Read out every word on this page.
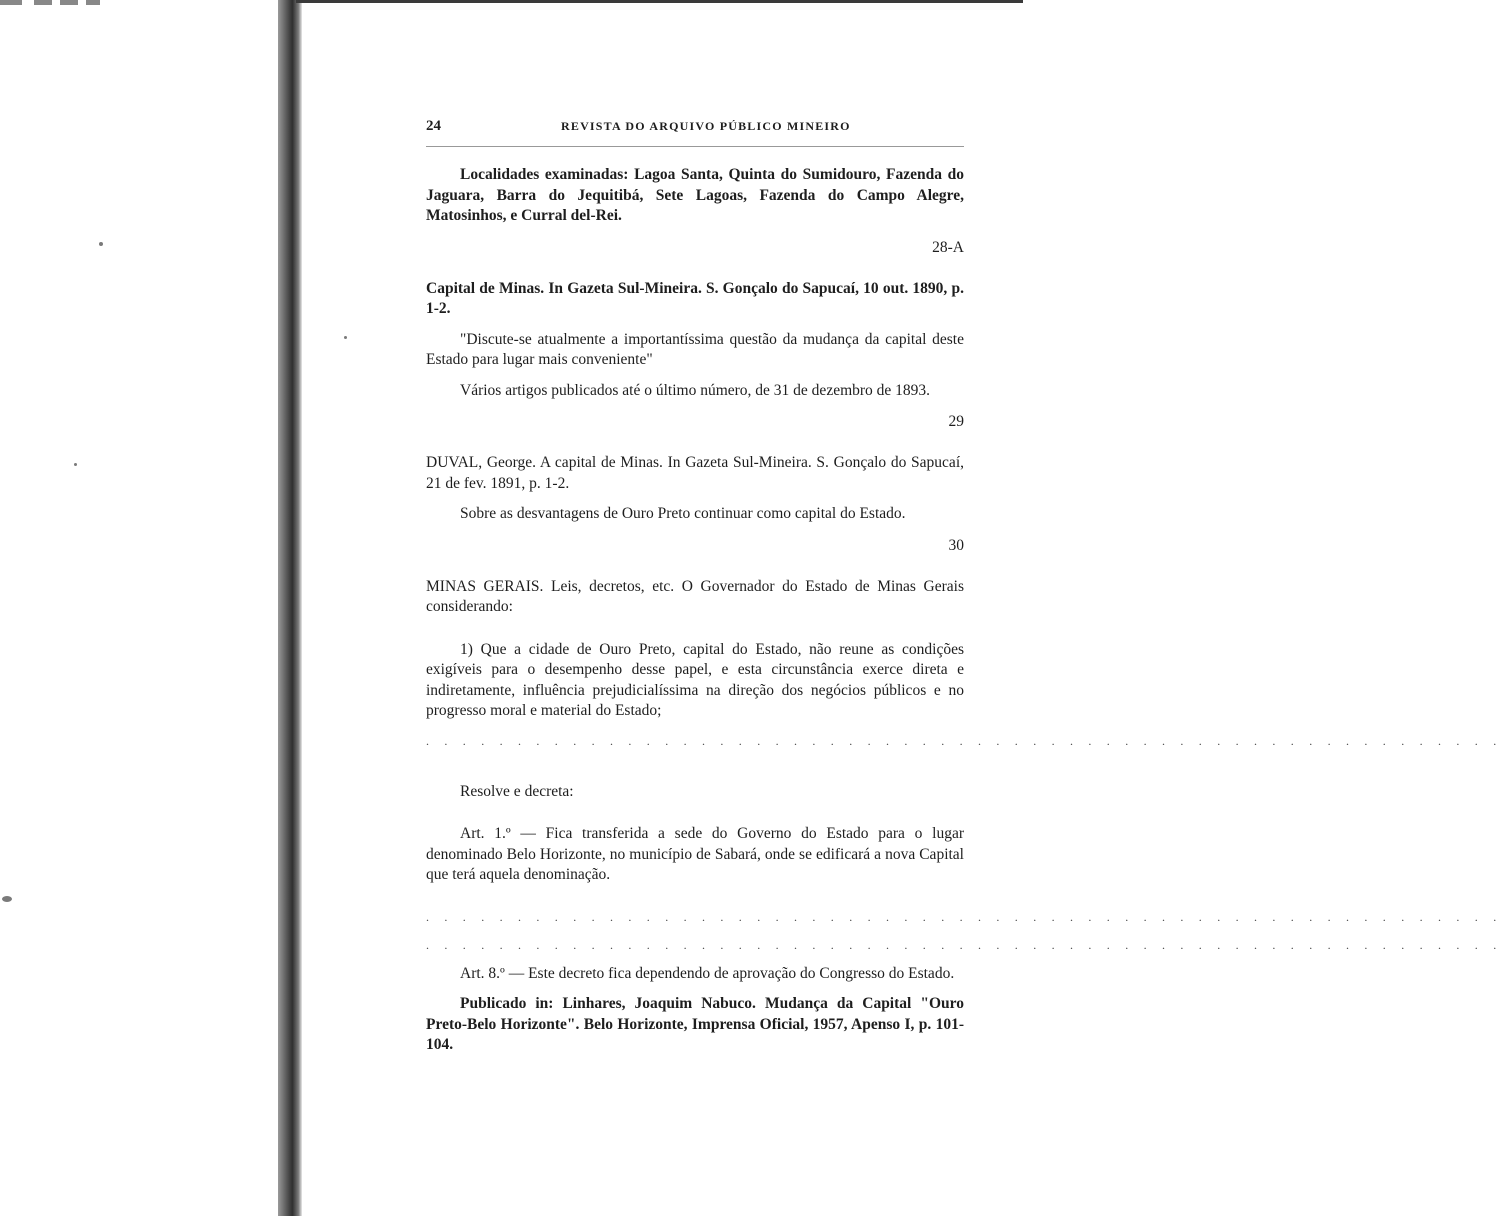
24	REVISTA DO ARQUIVO PÚBLICO MINEIRO

Localidades examinadas: Lagoa Santa, Quinta do Sumidouro, Fazenda do Jaguara, Barra do Jequitibá, Sete Lagoas, Fazenda do Campo Alegre, Matosinhos, e Curral del-Rei.

28-A

Capital de Minas. In Gazeta Sul-Mineira. S. Gonçalo do Sapucaí, 10 out. 1890, p. 1-2.

"Discute-se atualmente a importantíssima questão da mudança da capital deste Estado para lugar mais conveniente"

Vários artigos publicados até o último número, de 31 de dezembro de 1893.

29

DUVAL, George. A capital de Minas. In Gazeta Sul-Mineira. S. Gonçalo do Sapucaí, 21 de fev. 1891, p. 1-2.

Sobre as desvantagens de Ouro Preto continuar como capital do Estado.

30

MINAS GERAIS. Leis, decretos, etc. O Governador do Estado de Minas Gerais considerando:

1) Que a cidade de Ouro Preto, capital do Estado, não reune as condições exigíveis para o desempenho desse papel, e esta circunstância exerce direta e indiretamente, influência prejudicialíssima na direção dos negócios públicos e no progresso moral e material do Estado;

. . . . . . . . . . . . . . . . . . . . . . . . . . . . . . . . . . . . . . . . . . . . . . . . . . . . . . . . . . .

Resolve e decreta:

Art. 1.º — Fica transferida a sede do Governo do Estado para o lugar denominado Belo Horizonte, no município de Sabará, onde se edificará a nova Capital que terá aquela denominação.

. . . . . . . . . . . . . . . . . . . . . . . . . . . . . . . . . . . . . . . . . . . . . . . . . . . . . . . . . . .
. . . . . . . . . . . . . . . . . . . . . . . . . . . . . . . . . . . . . . . . . . . . . . . . . . . . . . . . . . .

Art. 8.º — Este decreto fica dependendo de aprovação do Congresso do Estado.

Publicado in: Linhares, Joaquim Nabuco. Mudança da Capital "Ouro Preto-Belo Horizonte". Belo Horizonte, Imprensa Oficial, 1957, Apenso I, p. 101-104.
